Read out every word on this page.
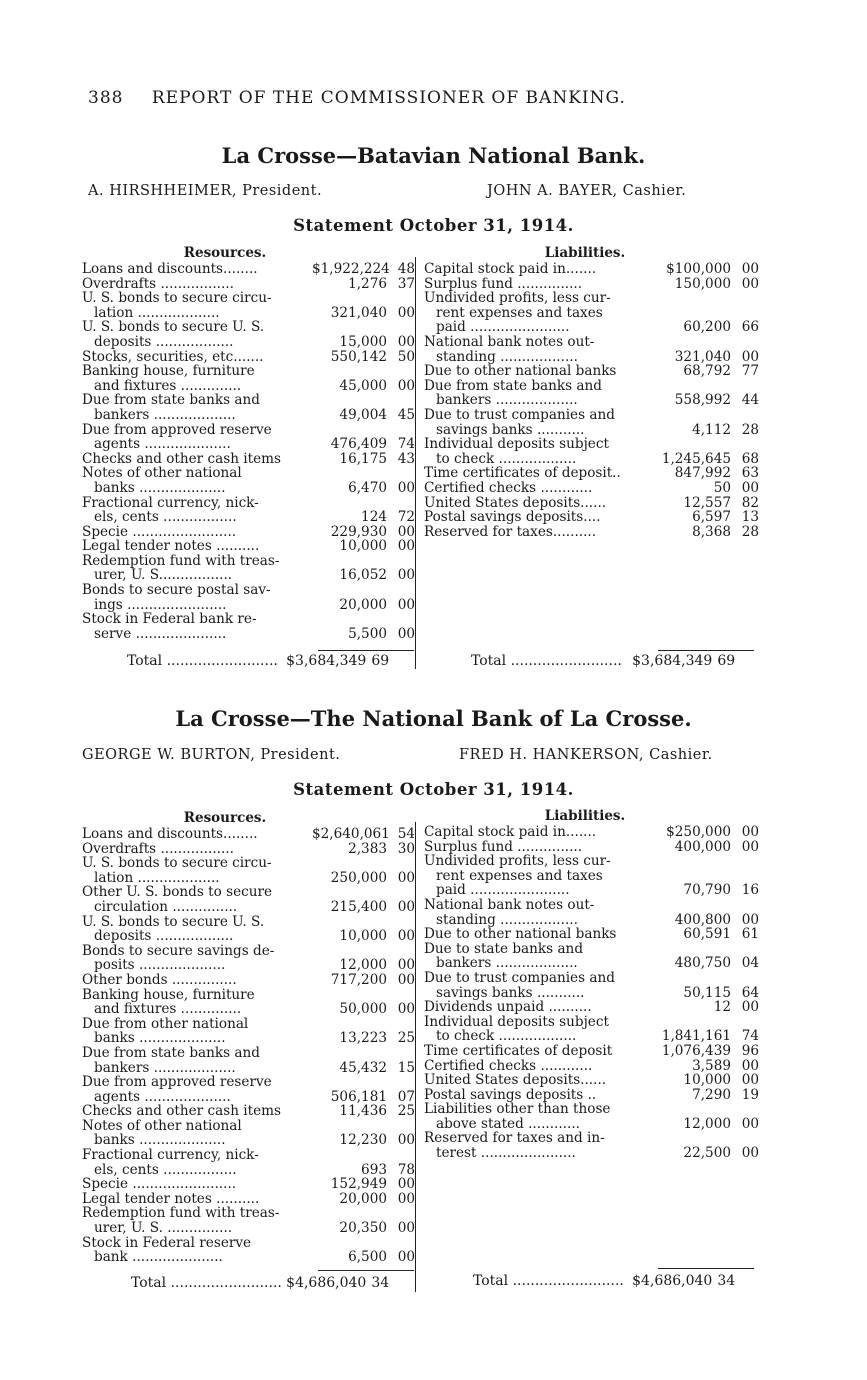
388 REPORT OF THE COMMISSIONER OF BANKING.
La Crosse—Batavian National Bank.
A. HIRSHHEIMER, President.	JOHN A. BAYER, Cashier.
Statement October 31, 1914.
Resources.	Liabilities.
Loans and discounts........	$1,922,224 48
Overdrafts .................	1,276 37
U. S. bonds to secure circu-
lation ...................	321,040 00
U. S. bonds to secure U. S.
deposits ..................	15,000 00
Stocks, securities, etc.......	550,142 50
Banking house, furniture
and fixtures ..............	45,000 00
Due from state banks and
bankers ...................	49,004 45
Due from approved reserve
agents ....................	476,409 74
Checks and other cash items	16,175 43
Notes of other national
banks ....................	6,470 00
Fractional currency, nick-
els, cents .................	124 72
Specie ........................	229,930 00
Legal tender notes ..........	10,000 00
Redemption fund with treas-
urer, U. S.................	16,052 00
Bonds to secure postal sav-
ings .......................	20,000 00
Stock in Federal bank re-
serve .....................	5,500 00
Capital stock paid in.......	$100,000 00
Surplus fund ...............	150,000 00
Undivided profits, less cur-
rent expenses and taxes
paid .......................	60,200 66
National bank notes out-
standing ..................	321,040 00
Due to other national banks	68,792 77
Due from state banks and
bankers ...................	558,992 44
Due to trust companies and
savings banks ...........	4,112 28
Individual deposits subject
to check ..................	1,245,645 68
Time certificates of deposit..	847,992 63
Certified checks ............	50 00
United States deposits......	12,557 82
Postal savings deposits....	6,597 13
Reserved for taxes..........	8,368 28
Total ......................... $3,684,349 69	Total ......................... $3,684,349 69
La Crosse—The National Bank of La Crosse.
GEORGE W. BURTON, President.	FRED H. HANKERSON, Cashier.
Statement October 31, 1914.
Resources.	Liabilities.
Loans and discounts........	$2,640,061 54
Overdrafts .................	2,383 30
U. S. bonds to secure circu-
lation ...................	250,000 00
Other U. S. bonds to secure
circulation ...............	215,400 00
U. S. bonds to secure U. S.
deposits ..................	10,000 00
Bonds to secure savings de-
posits ....................	12,000 00
Other bonds ...............	717,200 00
Banking house, furniture
and fixtures ..............	50,000 00
Due from other national
banks ....................	13,223 25
Due from state banks and
bankers ...................	45,432 15
Due from approved reserve
agents ....................	506,181 07
Checks and other cash items	11,436 25
Notes of other national
banks ....................	12,230 00
Fractional currency, nick-
els, cents .................	693 78
Specie ........................	152,949 00
Legal tender notes ..........	20,000 00
Redemption fund with treas-
urer, U. S. ...............	20,350 00
Stock in Federal reserve
bank .....................	6,500 00
Capital stock paid in.......	$250,000 00
Surplus fund ...............	400,000 00
Undivided profits, less cur-
rent expenses and taxes
paid .......................	70,790 16
National bank notes out-
standing ..................	400,800 00
Due to other national banks	60,591 61
Due to state banks and
bankers ...................	480,750 04
Due to trust companies and
savings banks ...........	50,115 64
Dividends unpaid ..........	12 00
Individual deposits subject
to check ..................	1,841,161 74
Time certificates of deposit	1,076,439 96
Certified checks ............	3,589 00
United States deposits......	10,000 00
Postal savings deposits ..	7,290 19
Liabilities other than those
above stated ............	12,000 00
Reserved for taxes and in-
terest ......................	22,500 00
Total ......................... $4,686,040 34	Total ......................... $4,686,040 34
